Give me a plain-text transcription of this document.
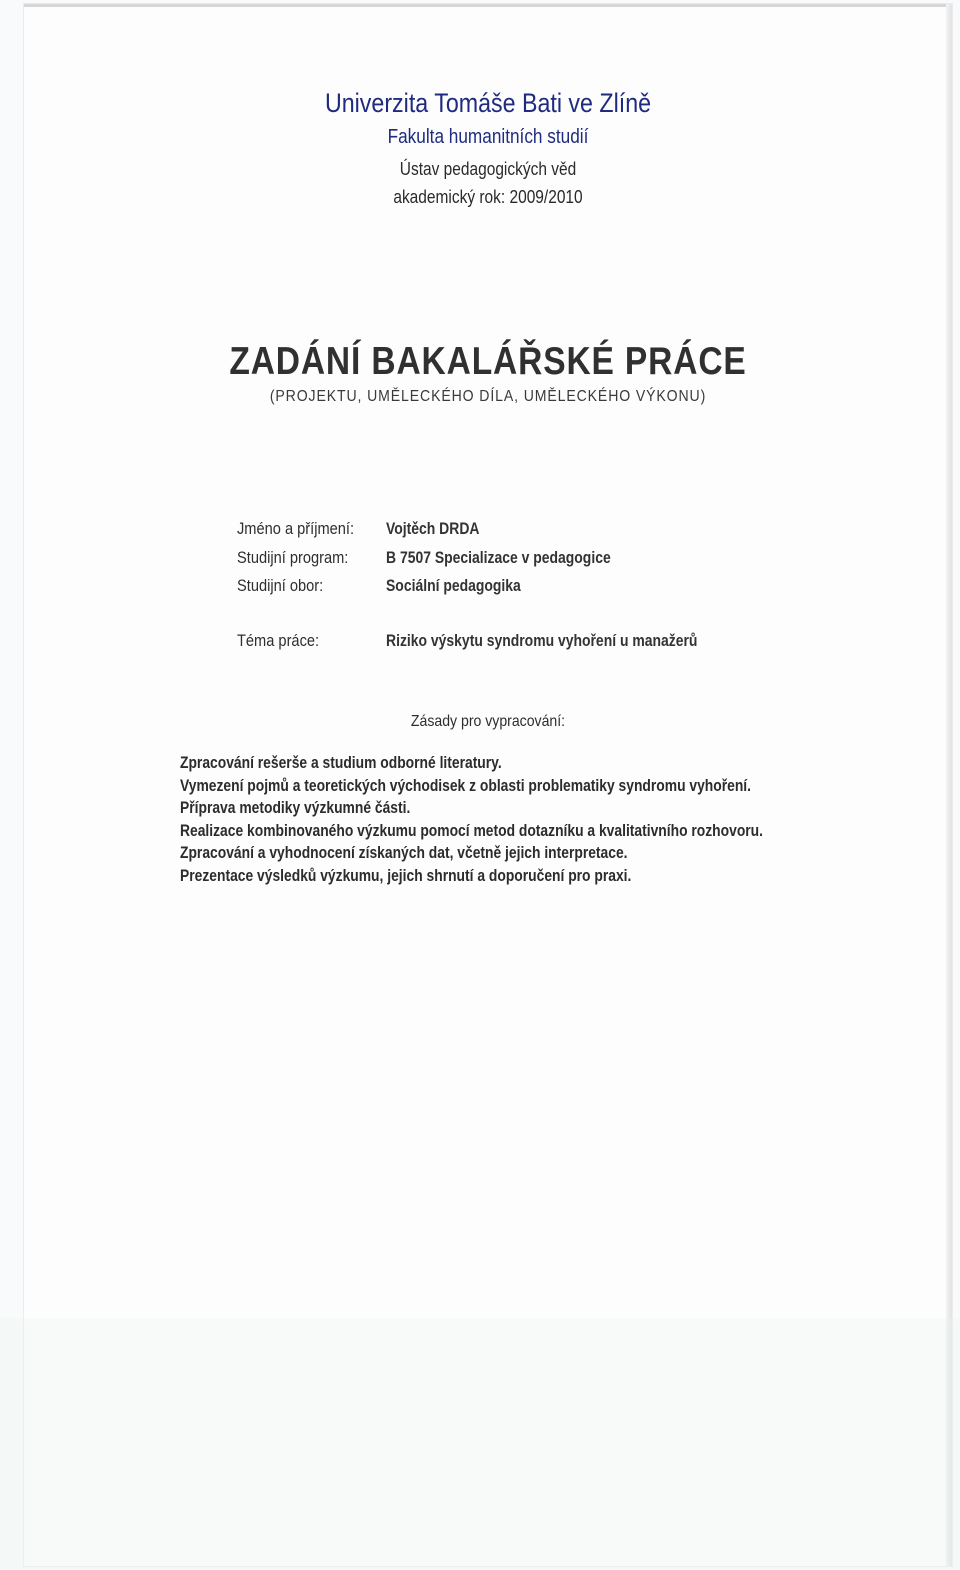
Univerzita Tomáše Bati ve Zlíně
Fakulta humanitních studií
Ústav pedagogických věd
akademický rok: 2009/2010
ZADÁNÍ BAKALÁŘSKÉ PRÁCE
(PROJEKTU, UMĚLECKÉHO DÍLA, UMĚLECKÉHO VÝKONU)
Jméno a příjmení: Vojtěch DRDA
Studijní program: B 7507 Specializace v pedagogice
Studijní obor:	Sociální pedagogika
Téma práce:	Riziko výskytu syndromu vyhoření u manažerů
Zásady pro vypracování:
Zpracování rešerše a studium odborné literatury.
Vymezení pojmů a teoretických východisek z oblasti problematiky syndromu vyhoření.
Příprava metodiky výzkumné části.
Realizace kombinovaného výzkumu pomocí metod dotazníku a kvalitativního rozhovoru.
Zpracování a vyhodnocení získaných dat, včetně jejich interpretace.
Prezentace výsledků výzkumu, jejich shrnutí a doporučení pro praxi.
